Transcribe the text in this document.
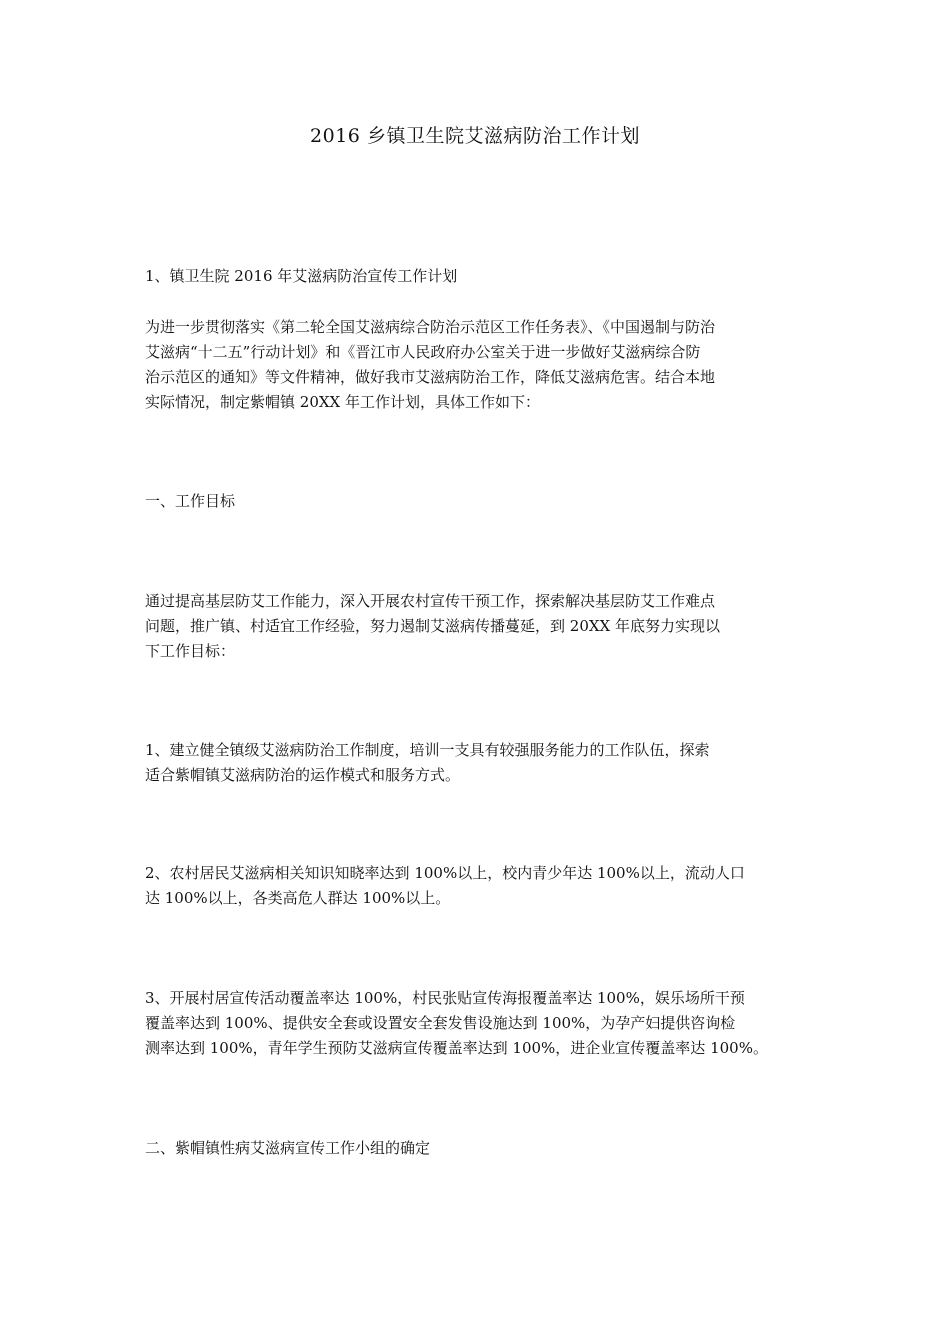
2016 乡镇卫生院艾滋病防治工作计划
1、镇卫生院 2016 年艾滋病防治宣传工作计划
为进一步贯彻落实《第二轮全国艾滋病综合防治示范区工作任务表》、《中国遏制与防治
艾滋病“十二五”行动计划》和《晋江市人民政府办公室关于进一步做好艾滋病综合防
治示范区的通知》等文件精神，做好我市艾滋病防治工作，降低艾滋病危害。结合本地
实际情况，制定紫帽镇 20XX 年工作计划，具体工作如下：
一、工作目标
通过提高基层防艾工作能力，深入开展农村宣传干预工作，探索解决基层防艾工作难点
问题，推广镇、村适宜工作经验，努力遏制艾滋病传播蔓延，到 20XX 年底努力实现以
下工作目标：
1、建立健全镇级艾滋病防治工作制度，培训一支具有较强服务能力的工作队伍，探索
适合紫帽镇艾滋病防治的运作模式和服务方式。
2、农村居民艾滋病相关知识知晓率达到 100%以上，校内青少年达 100%以上，流动人口
达 100%以上，各类高危人群达 100%以上。
3、开展村居宣传活动覆盖率达 100%，村民张贴宣传海报覆盖率达 100%，娱乐场所干预
覆盖率达到 100%、提供安全套或设置安全套发售设施达到 100%，为孕产妇提供咨询检
测率达到 100%，青年学生预防艾滋病宣传覆盖率达到 100%，进企业宣传覆盖率达 100%。
二、紫帽镇性病艾滋病宣传工作小组的确定
